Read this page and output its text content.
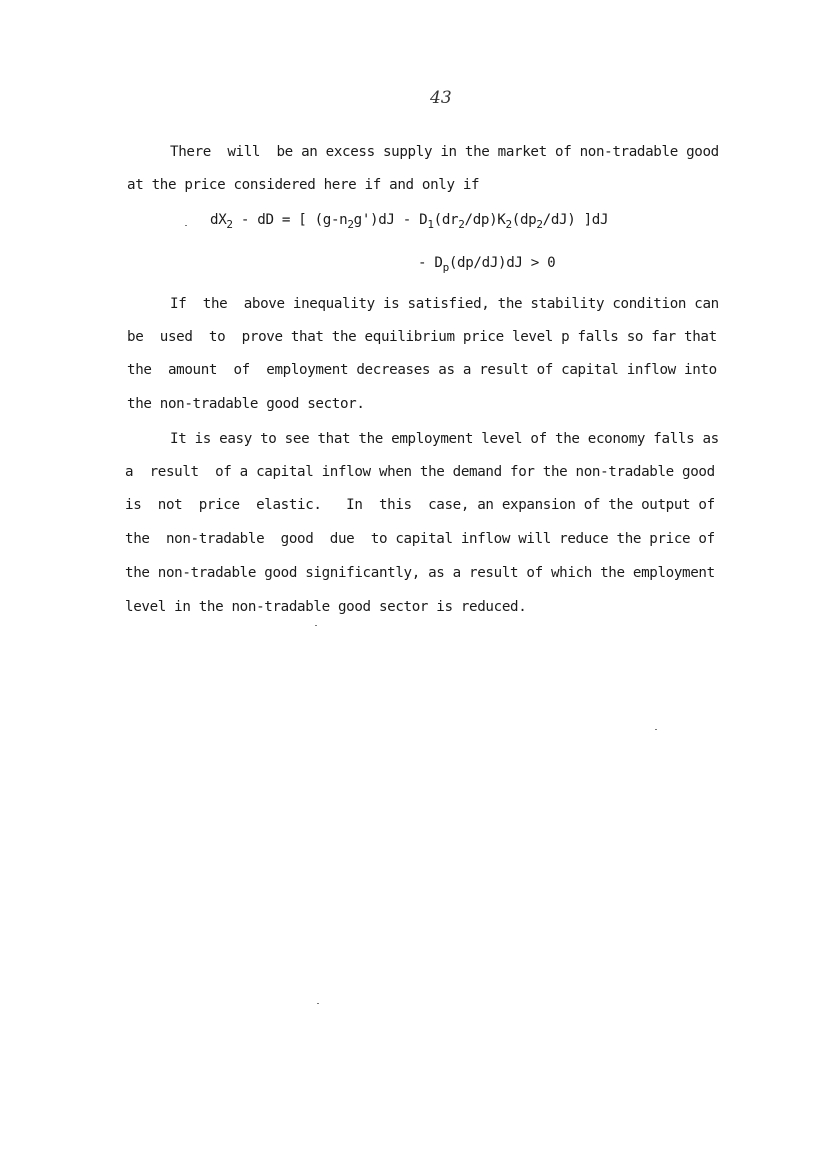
43
There  will  be an excess supply in the market of non-tradable good
at the price considered here if and only if
$dX_2$ - dD = [ $(g-n_2g')dJ - D_1(dr_2/dp)K_2(dp_2/dJ)$ ]dJ
- $D_p(dp/dJ)dJ > 0$
If  the  above inequality is satisfied, the stability condition can
be  used  to  prove that the equilibrium price level p falls so far that
the  amount  of  employment decreases as a result of capital inflow into
the non-tradable good sector.
It is easy to see that the employment level of the economy falls as
a  result  of a capital inflow when the demand for the non-tradable good
is  not  price  elastic.   In  this  case, an expansion of the output of
the  non-tradable  good  due  to capital inflow will reduce the price of
the non-tradable good significantly, as a result of which the employment
level in the non-tradable good sector is reduced.
